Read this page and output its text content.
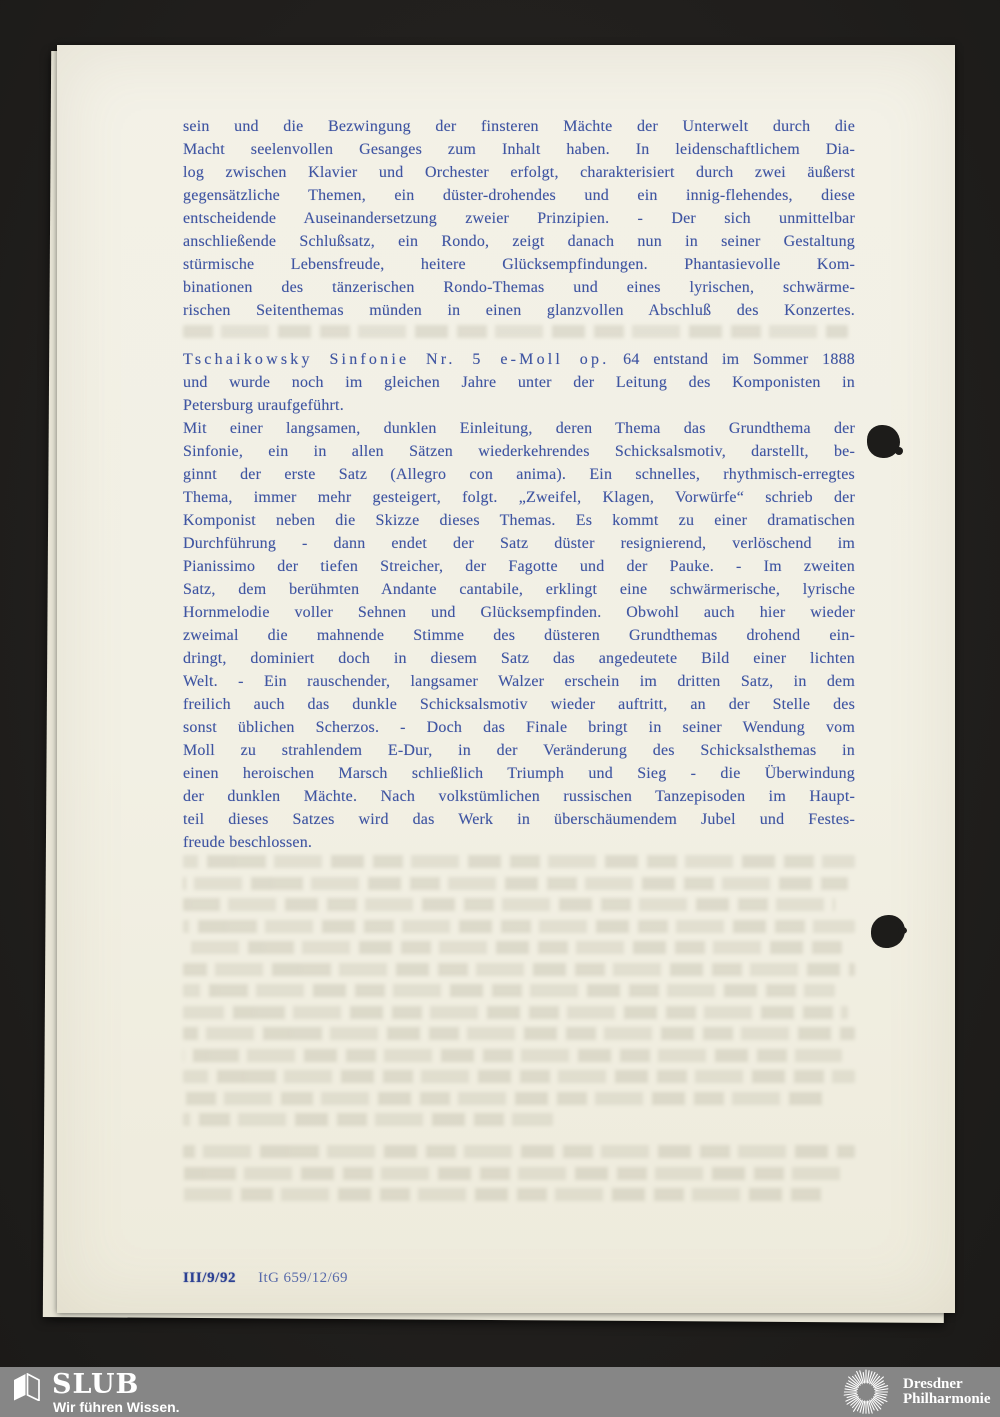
sein und die Bezwingung der finsteren Mächte der Unterwelt durch die
Macht seelenvollen Gesanges zum Inhalt haben. In leidenschaftlichem Dia-
log zwischen Klavier und Orchester erfolgt, charakterisiert durch zwei äußerst
gegensätzliche Themen, ein düster-drohendes und ein innig-flehendes, diese
entscheidende Auseinandersetzung zweier Prinzipien. - Der sich unmittelbar
anschließende Schlußsatz, ein Rondo, zeigt danach nun in seiner Gestaltung
stürmische Lebensfreude, heitere Glücksempfindungen. Phantasievolle Kom-
binationen des tänzerischen Rondo-Themas und eines lyrischen, schwärme-
rischen Seitenthemas münden in einen glanzvollen Abschluß des Konzertes.
Tschaikowsky Sinfonie Nr. 5 e-Moll op. 64 entstand im Sommer 1888
und wurde noch im gleichen Jahre unter der Leitung des Komponisten in
Petersburg uraufgeführt.
Mit einer langsamen, dunklen Einleitung, deren Thema das Grundthema der
Sinfonie, ein in allen Sätzen wiederkehrendes Schicksalsmotiv, darstellt, be-
ginnt der erste Satz (Allegro con anima). Ein schnelles, rhythmisch-erregtes
Thema, immer mehr gesteigert, folgt. „Zweifel, Klagen, Vorwürfe“ schrieb der
Komponist neben die Skizze dieses Themas. Es kommt zu einer dramatischen
Durchführung - dann endet der Satz düster resignierend, verlöschend im
Pianissimo der tiefen Streicher, der Fagotte und der Pauke. - Im zweiten
Satz, dem berühmten Andante cantabile, erklingt eine schwärmerische, lyrische
Hornmelodie voller Sehnen und Glücksempfinden. Obwohl auch hier wieder
zweimal die mahnende Stimme des düsteren Grundthemas drohend ein-
dringt, dominiert doch in diesem Satz das angedeutete Bild einer lichten
Welt. - Ein rauschender, langsamer Walzer erschein im dritten Satz, in dem
freilich auch das dunkle Schicksalsmotiv wieder auftritt, an der Stelle des
sonst üblichen Scherzos. - Doch das Finale bringt in seiner Wendung vom
Moll zu strahlendem E-Dur, in der Veränderung des Schicksalsthemas in
einen heroischen Marsch schließlich Triumph und Sieg - die Überwindung
der dunklen Mächte. Nach volkstümlichen russischen Tanzepisoden im Haupt-
teil dieses Satzes wird das Werk in überschäumendem Jubel und Festes-
freude beschlossen.
III/9/92 ItG 659/12/69
SLUB
Wir führen Wissen.
Dresdner
Philharmonie
